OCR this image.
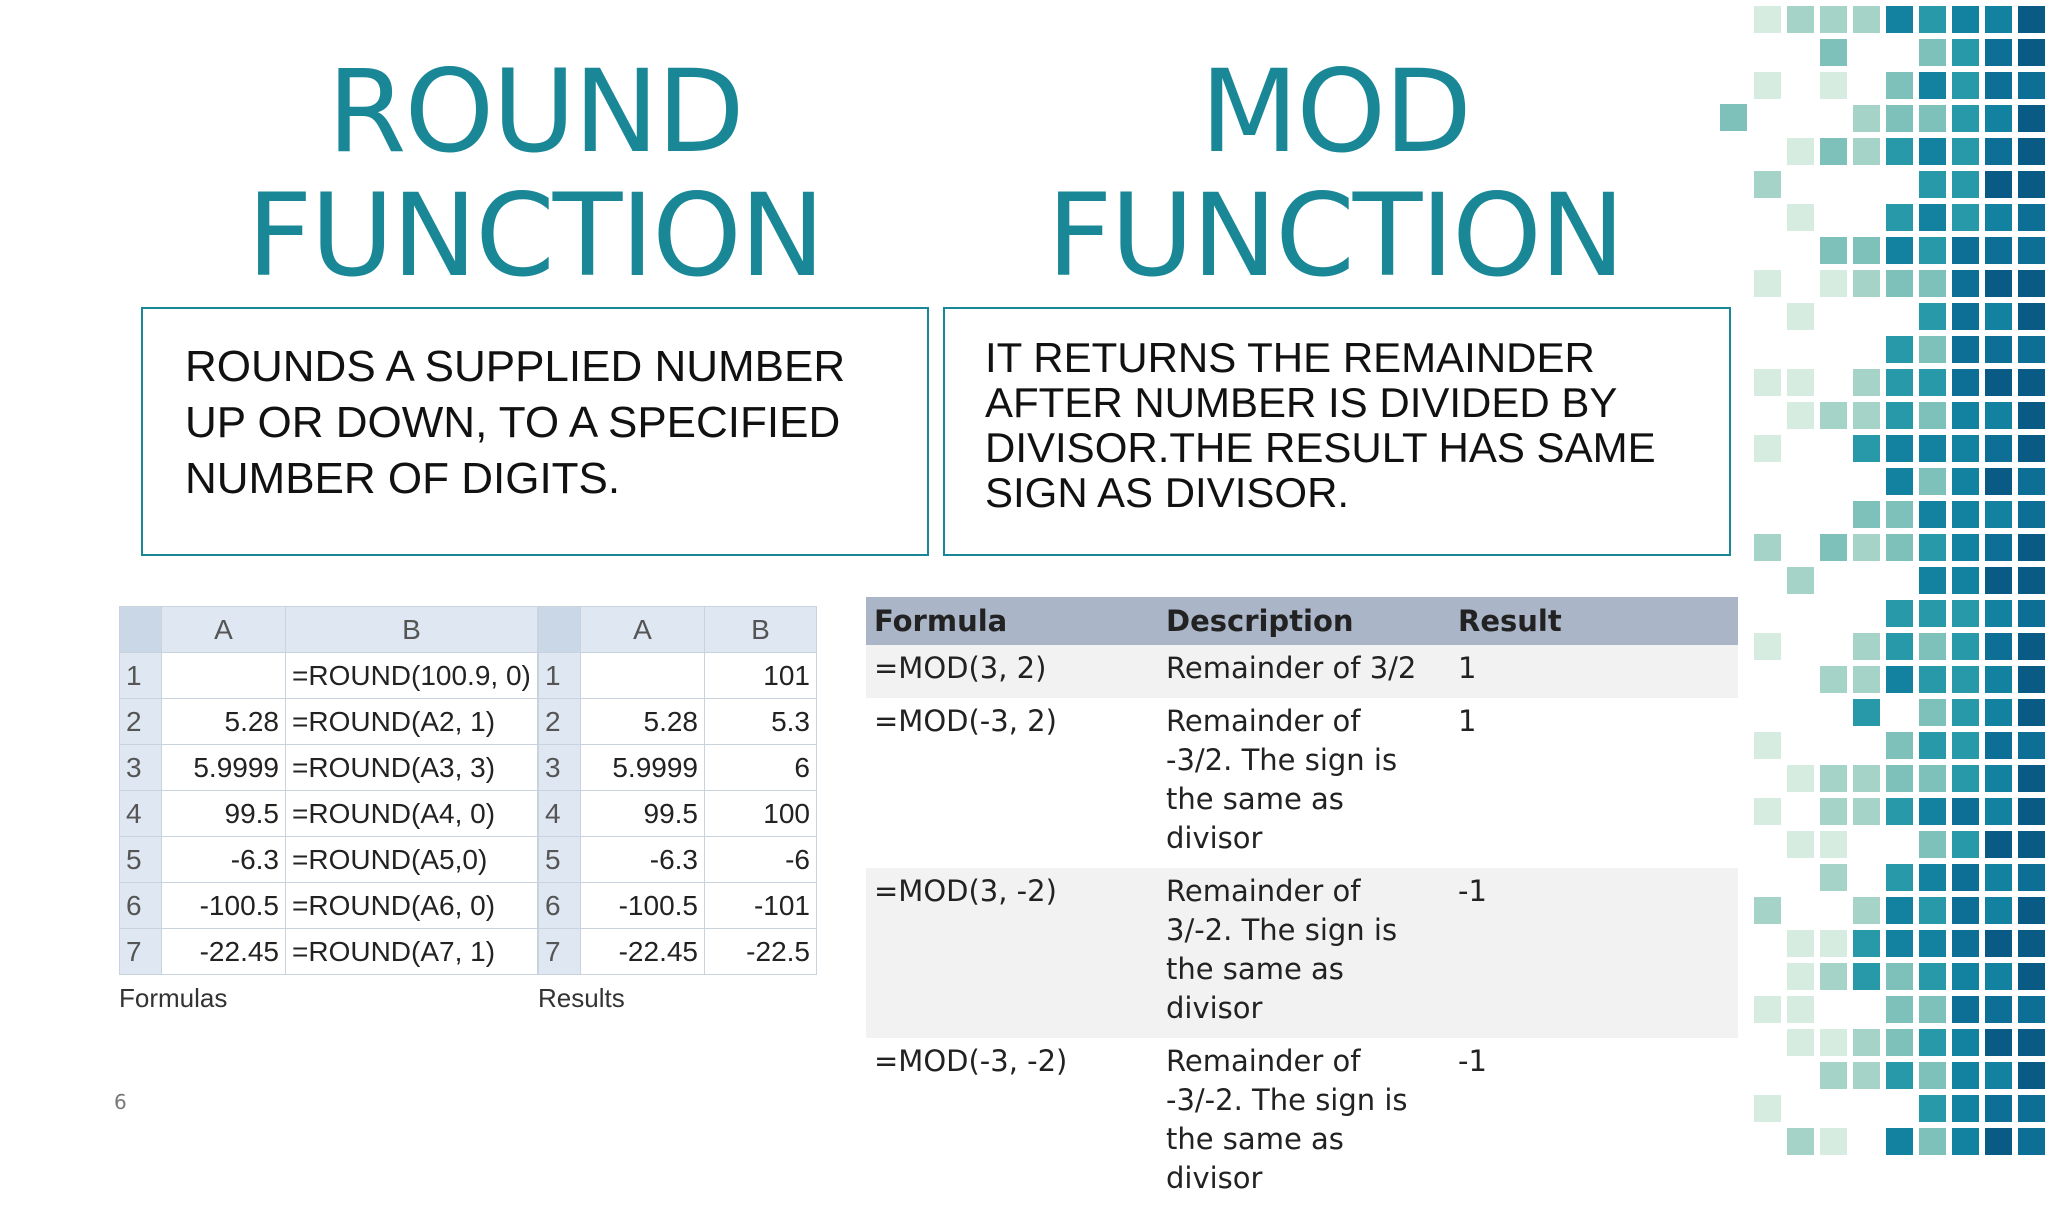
ROUND
FUNCTION
MOD
FUNCTION
ROUNDS A SUPPLIED NUMBER UP OR DOWN, TO A SPECIFIED NUMBER OF DIGITS.
IT RETURNS THE REMAINDER AFTER NUMBER IS DIVIDED BY DIVISOR.THE RESULT HAS SAME SIGN AS DIVISOR.
	A	B
1		=ROUND(100.9, 0)
2	5.28	=ROUND(A2, 1)
3	5.9999	=ROUND(A3, 3)
4	99.5	=ROUND(A4, 0)
5	-6.3	=ROUND(A5,0)
6	-100.5	=ROUND(A6, 0)
7	-22.45	=ROUND(A7, 1)
Formulas
	A	B
1		101
2	5.28	5.3
3	5.9999	6
4	99.5	100
5	-6.3	-6
6	-100.5	-101
7	-22.45	-22.5
Results
Formula	Description	Result

=MOD(3, 2)	Remainder of 3/2	1

=MOD(-3, 2)	Remainder of -3/2. The sign is the same as divisor	1

=MOD(3, -2)	Remainder of 3/-2. The sign is the same as divisor	-1

=MOD(-3, -2)	Remainder of -3/-2. The sign is the same as divisor	-1
6
